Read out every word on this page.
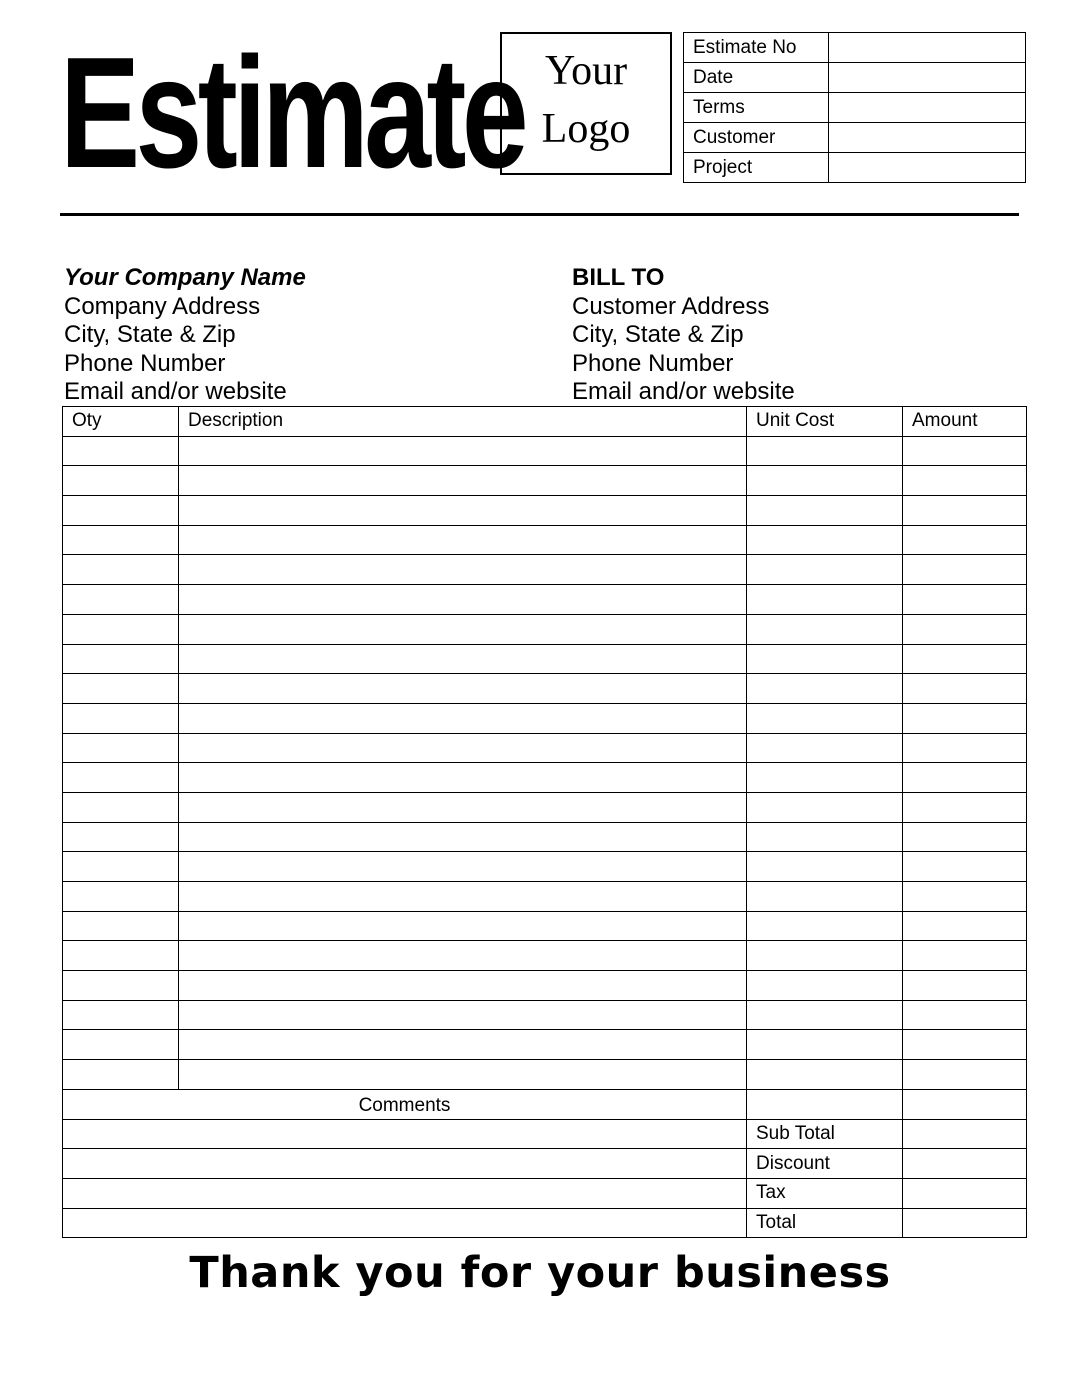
Estimate Your
Logo
Estimate No	
Date	
Terms	
Customer	
Project	
Your Company Name
Company Address
City, State & Zip
Phone Number
Email and/or website
BILL TO
Customer Address
City, State & Zip
Phone Number
Email and/or website
Oty	Description	Unit Cost	Amount

Comments			
		Sub Total	
		Discount	
		Tax	
		Total	
Thank you for your business
